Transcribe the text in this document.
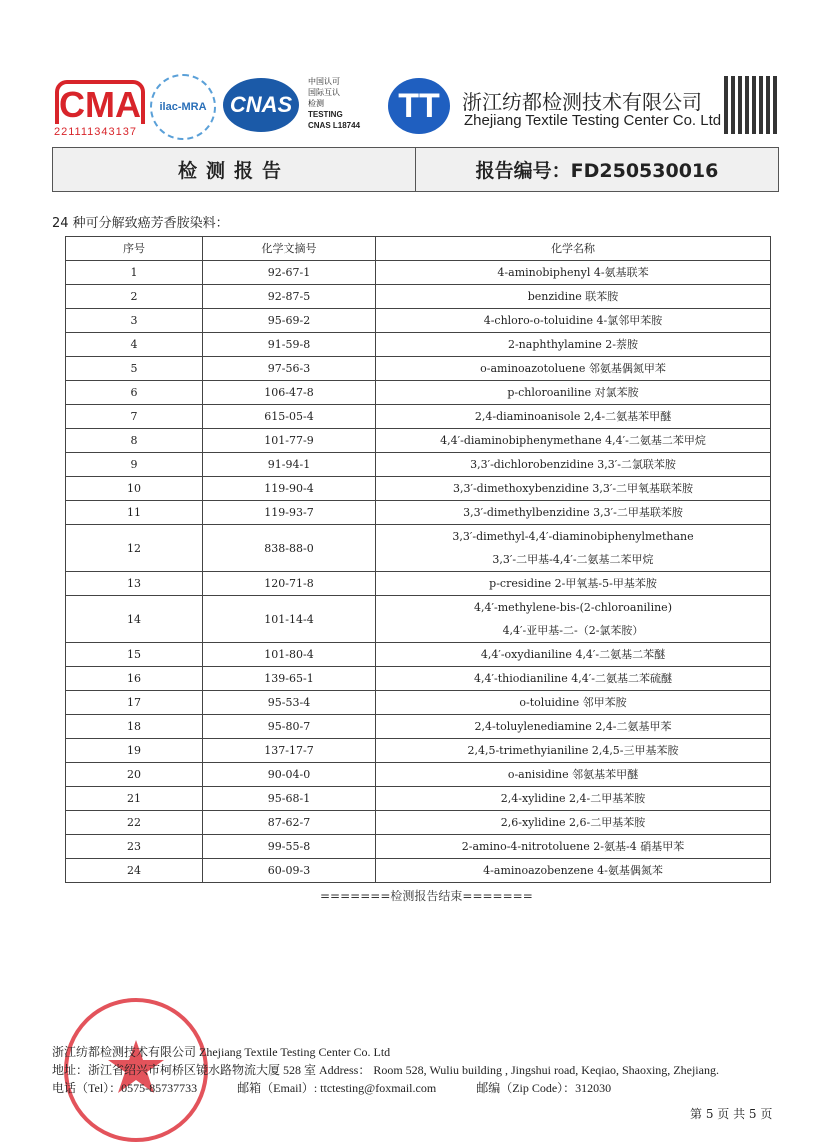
CMA
221111343137
ilac-MRA	CNAS
中国认可
国际互认
检测
TESTING
CNAS L18744
TT	浙江纺都检测技术有限公司
Zhejiang Textile Testing Center Co. Ltd
检测报告	报告编号：FD250530016
24 种可分解致癌芳香胺染料：
序号	化学文摘号	化学名称
1	92-67-1	4-aminobiphenyl 4-氨基联苯

2	92-87-5	benzidine 联苯胺

3	95-69-2	4-chloro-o-toluidine 4-氯邻甲苯胺

4	91-59-8	2-naphthylamine 2-萘胺

5	97-56-3	o-aminoazotoluene 邻氨基偶氮甲苯

6	106-47-8	p-chloroaniline 对氯苯胺

7	615-05-4	2,4-diaminoanisole 2,4-二氨基苯甲醚

8	101-77-9	4,4′-diaminobiphenymethane 4,4′-二氨基二苯甲烷

9	91-94-1	3,3′-dichlorobenzidine 3,3′-二氯联苯胺

10	119-90-4	3,3′-dimethoxybenzidine 3,3′-二甲氧基联苯胺

11	119-93-7	3,3′-dimethylbenzidine 3,3′-二甲基联苯胺

12	838-88-0	3,3′-dimethyl-4,4′-diaminobiphenylmethane
3,3′-二甲基-4,4′-二氨基二苯甲烷

13	120-71-8	p-cresidine 2-甲氧基-5-甲基苯胺

14	101-14-4	4,4′-methylene-bis-(2-chloroaniline)
4,4′-亚甲基-二-（2-氯苯胺）

15	101-80-4	4,4′-oxydianiline 4,4′-二氨基二苯醚

16	139-65-1	4,4′-thiodianiline 4,4′-二氨基二苯硫醚

17	95-53-4	o-toluidine 邻甲苯胺

18	95-80-7	2,4-toluylenediamine 2,4-二氨基甲苯

19	137-17-7	2,4,5-trimethyianiline 2,4,5-三甲基苯胺

20	90-04-0	o-anisidine 邻氨基苯甲醚

21	95-68-1	2,4-xylidine 2,4-二甲基苯胺

22	87-62-7	2,6-xylidine 2,6-二甲基苯胺

23	99-55-8	2-amino-4-nitrotoluene 2-氨基-4 硝基甲苯

24	60-09-3	4-aminoazobenzene 4-氨基偶氮苯
=======检测报告结束=======
浙江纺都检测技术有限公司 Zhejiang Textile Testing Center Co. Ltd
地址：浙江省绍兴市柯桥区镜水路物流大厦 528 室 Address： Room 528, Wuliu building , Jingshui road, Keqiao, Shaoxing, Zhejiang.
电话（Tel）：0575-85737733	邮箱（Email）: ttctesting@foxmail.com	邮编（Zip Code）：312030
第 5 页 共 5 页
